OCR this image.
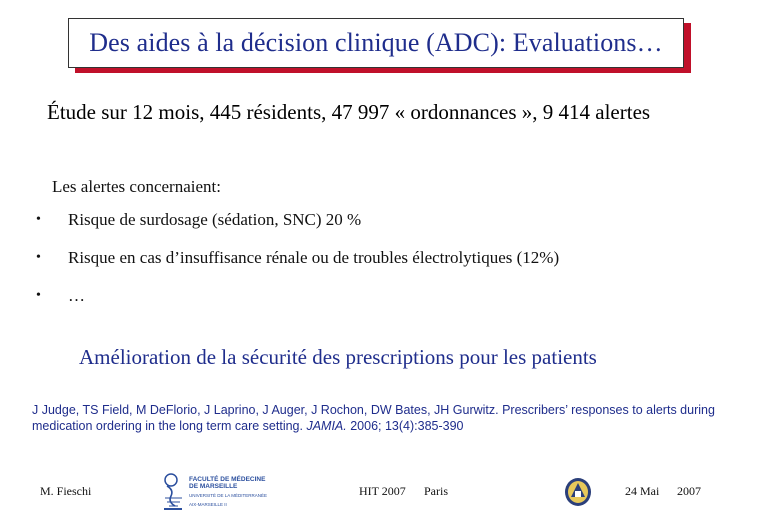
Des aides à la décision clinique (ADC): Evaluations…
Étude sur 12 mois, 445 résidents, 47 997 « ordonnances », 9 414 alertes
Les alertes concernaient:
•	Risque de surdosage (sédation, SNC) 20 %
•	Risque en cas d’insuffisance rénale ou de troubles électrolytiques (12%)
•	…
Amélioration de la sécurité des prescriptions pour les patients
J Judge, TS Field, M DeFlorio, J Laprino, J Auger, J Rochon, DW Bates, JH Gurwitz. Prescribers’ responses to alerts during medication ordering in the long term care setting. JAMIA. 2006; 13(4):385-390
M. Fieschi
FACULTÉ DE MÉDECINE
DE MARSEILLE
UNIVERSITÉ DE LA MÉDITERRANÉE
AIX-MARSEILLE II
HIT 2007 Paris	24 Mai 2007
